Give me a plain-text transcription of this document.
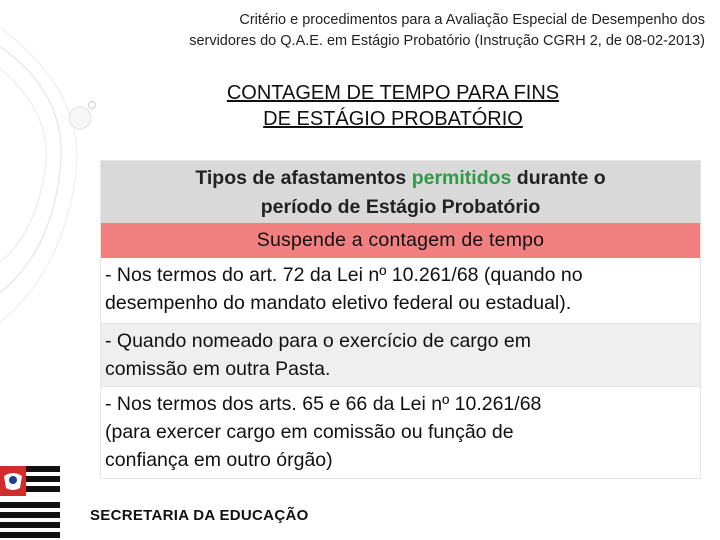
Critério e procedimentos para a Avaliação Especial de Desempenho dos
servidores do Q.A.E. em Estágio Probatório (Instrução CGRH 2, de 08-02-2013)
CONTAGEM DE TEMPO PARA FINS
DE ESTÁGIO PROBATÓRIO
Tipos de afastamentos permitidos durante o
período de Estágio Probatório
Suspende a contagem de tempo
- Nos termos do art. 72 da Lei nº 10.261/68 (quando no
desempenho do mandato eletivo federal ou estadual).
- Quando nomeado para o exercício de cargo em
comissão em outra Pasta.
- Nos termos dos arts. 65 e 66 da Lei nº 10.261/68
(para exercer cargo em comissão ou função de
confiança em outro órgão)
SECRETARIA DA EDUCAÇÃO
